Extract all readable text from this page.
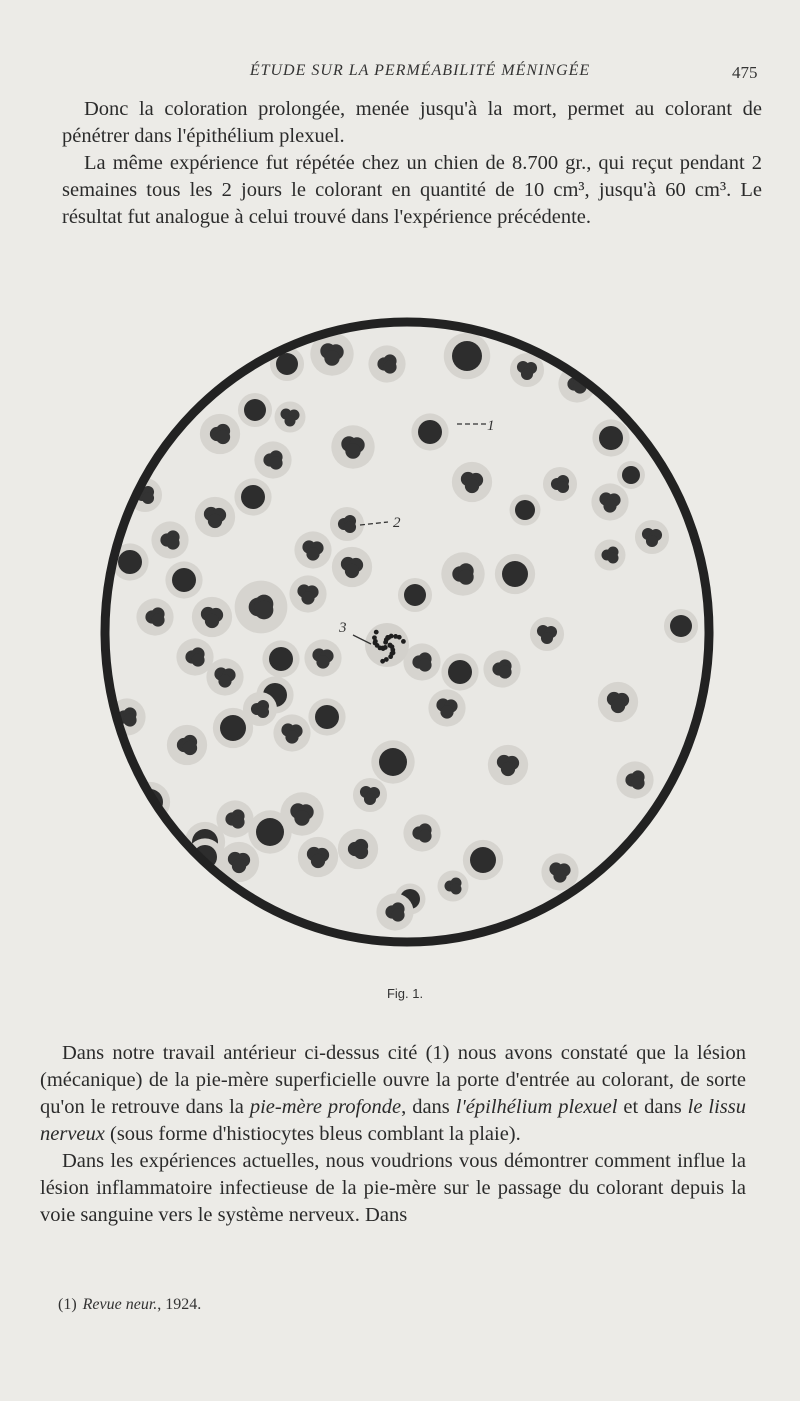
ÉTUDE SUR LA PERMÉABILITÉ MÉNINGÉE	475

Donc la coloration prolongée, menée jusqu'à la mort, permet au colorant de pénétrer dans l'épithélium plexuel.

La même expérience fut répétée chez un chien de 8.700 gr., qui reçut pendant 2 semaines tous les 2 jours le colorant en quantité de 10 cm³, jusqu'à 60 cm³. Le résultat fut analogue à celui trouvé dans l'expérience précédente.

1
2
3
Fig. 1.

Dans notre travail antérieur ci-dessus cité (1) nous avons constaté que la lésion (mécanique) de la pie-mère superficielle ouvre la porte d'entrée au colorant, de sorte qu'on le retrouve dans la pie-mère profonde, dans l'épilhélium plexuel et dans le lissu nerveux (sous forme d'histiocytes bleus comblant la plaie).

Dans les expériences actuelles, nous voudrions vous démontrer comment influe la lésion inflammatoire infectieuse de la pie-mère sur le passage du colorant depuis la voie sanguine vers le système nerveux. Dans

(1) Revue neur., 1924.
